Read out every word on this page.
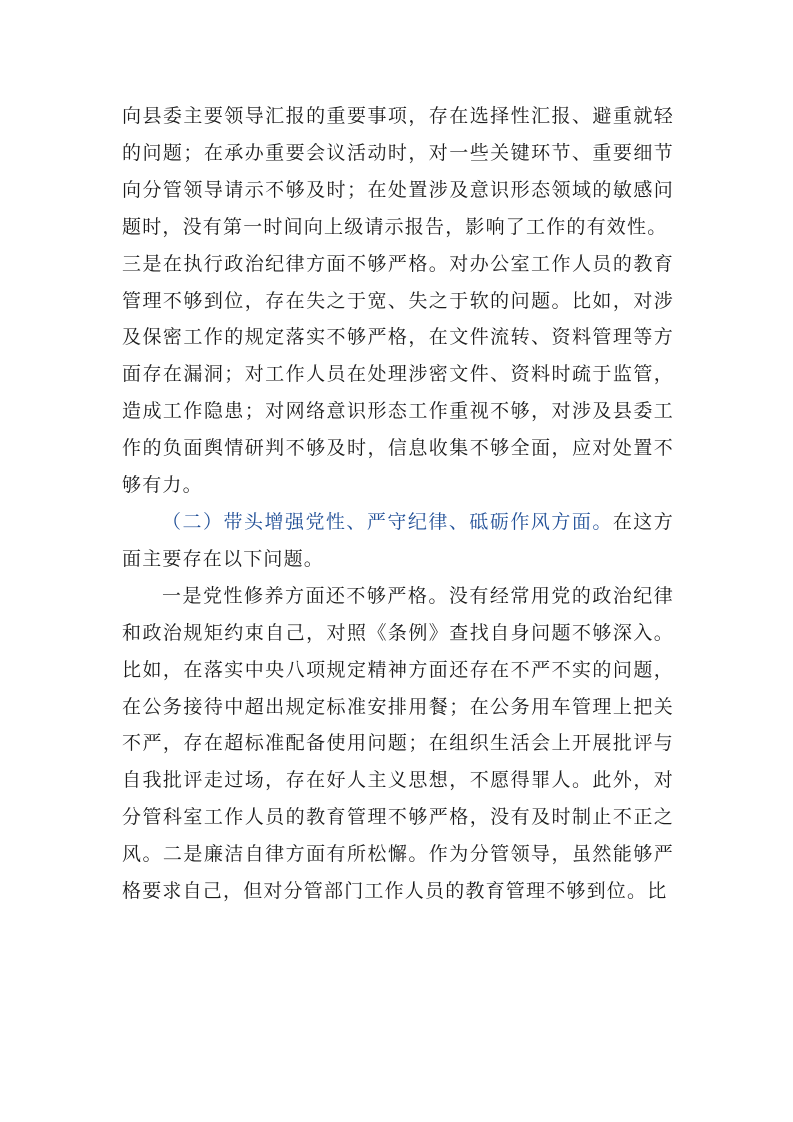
向县委主要领导汇报的重要事项，存在选择性汇报、避重就轻的问题；在承办重要会议活动时，对一些关键环节、重要细节向分管领导请示不够及时；在处置涉及意识形态领域的敏感问题时，没有第一时间向上级请示报告，影响了工作的有效性。

三是在执行政治纪律方面不够严格。对办公室工作人员的教育管理不够到位，存在失之于宽、失之于软的问题。比如，对涉及保密工作的规定落实不够严格，在文件流转、资料管理等方面存在漏洞；对工作人员在处理涉密文件、资料时疏于监管，造成工作隐患；对网络意识形态工作重视不够，对涉及县委工作的负面舆情研判不够及时，信息收集不够全面，应对处置不够有力。

（二）带头增强党性、严守纪律、砥砺作风方面。在这方面主要存在以下问题。

一是党性修养方面还不够严格。没有经常用党的政治纪律和政治规矩约束自己，对照《条例》查找自身问题不够深入。比如，在落实中央八项规定精神方面还存在不严不实的问题，在公务接待中超出规定标准安排用餐；在公务用车管理上把关不严，存在超标准配备使用问题；在组织生活会上开展批评与自我批评走过场，存在好人主义思想，不愿得罪人。此外，对分管科室工作人员的教育管理不够严格，没有及时制止不正之风。二是廉洁自律方面有所松懈。作为分管领导，虽然能够严格要求自己，但对分管部门工作人员的教育管理不够到位。比
